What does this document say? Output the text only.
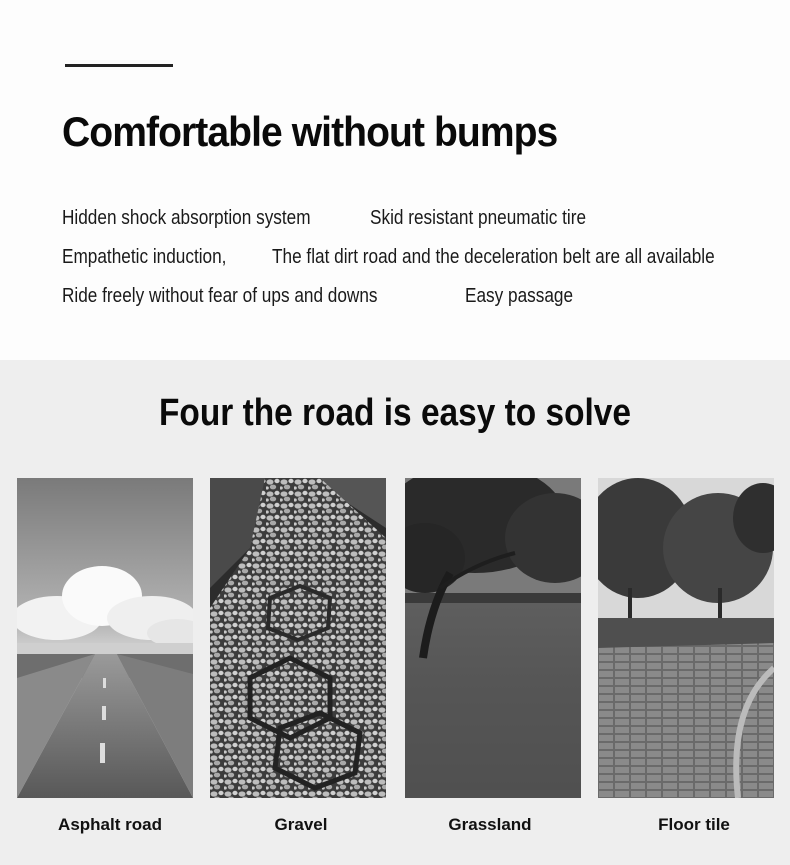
Comfortable without bumps
Hidden shock absorption system	Skid resistant pneumatic tire
Empathetic induction, The flat dirt road and the deceleration belt are all available
Ride freely without fear of ups and downs	Easy passage
Four the road is easy to solve
Asphalt road	Gravel	Grassland	Floor tile
